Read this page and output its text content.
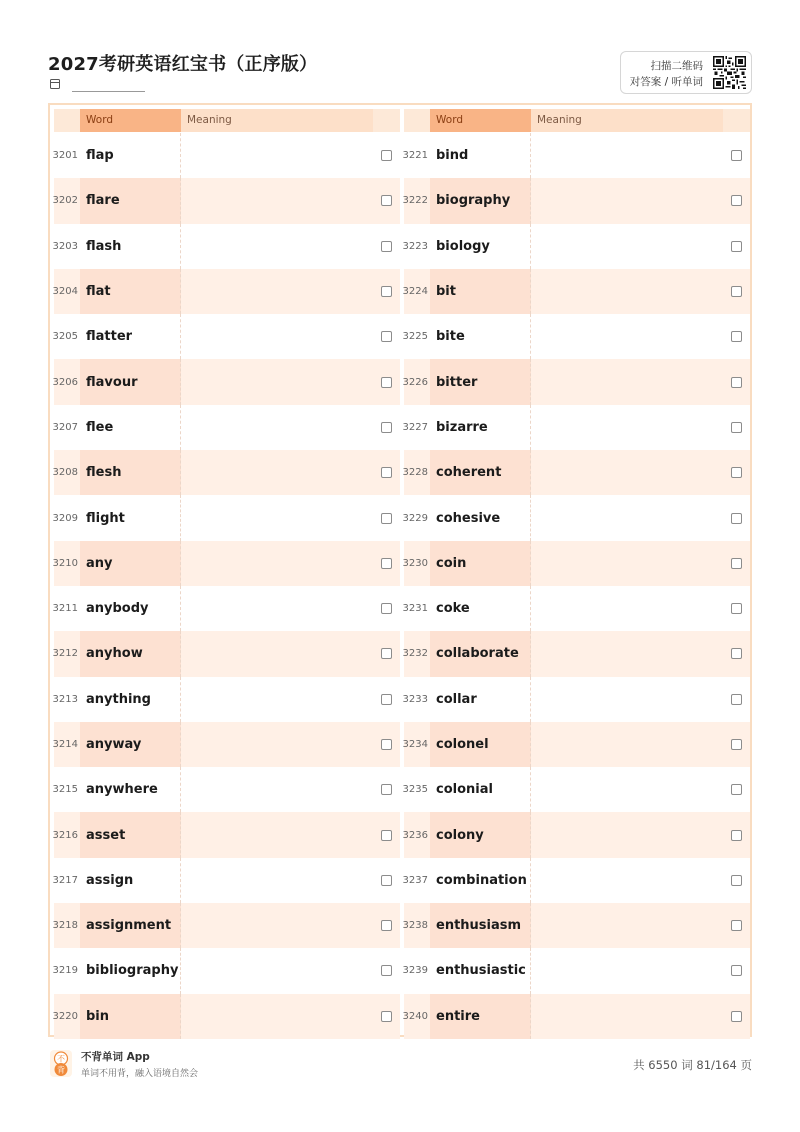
2027考研英语红宝书（正序版）	扫描二维码
对答案 / 听单词
Word	Meaning
3201 flap
3202 flare
3203 flash
3204 flat
3205 flatter
3206 flavour
3207 flee
3208 flesh
3209 flight
3210 any
3211 anybody
3212 anyhow
3213 anything
3214 anyway
3215 anywhere
3216 asset
3217 assign
3218 assignment
3219 bibliography
3220 bin
Word	Meaning
3221 bind
3222 biography
3223 biology
3224 bit
3225 bite
3226 bitter
3227 bizarre
3228 coherent
3229 cohesive
3230 coin
3231 coke
3232 collaborate
3233 collar
3234 colonel
3235 colonial
3236 colony
3237 combination
3238 enthusiasm
3239 enthusiastic
3240 entire
不
背
不背单词 App
单词不用背，融入语境自然会
共 6550 词 81/164 页
